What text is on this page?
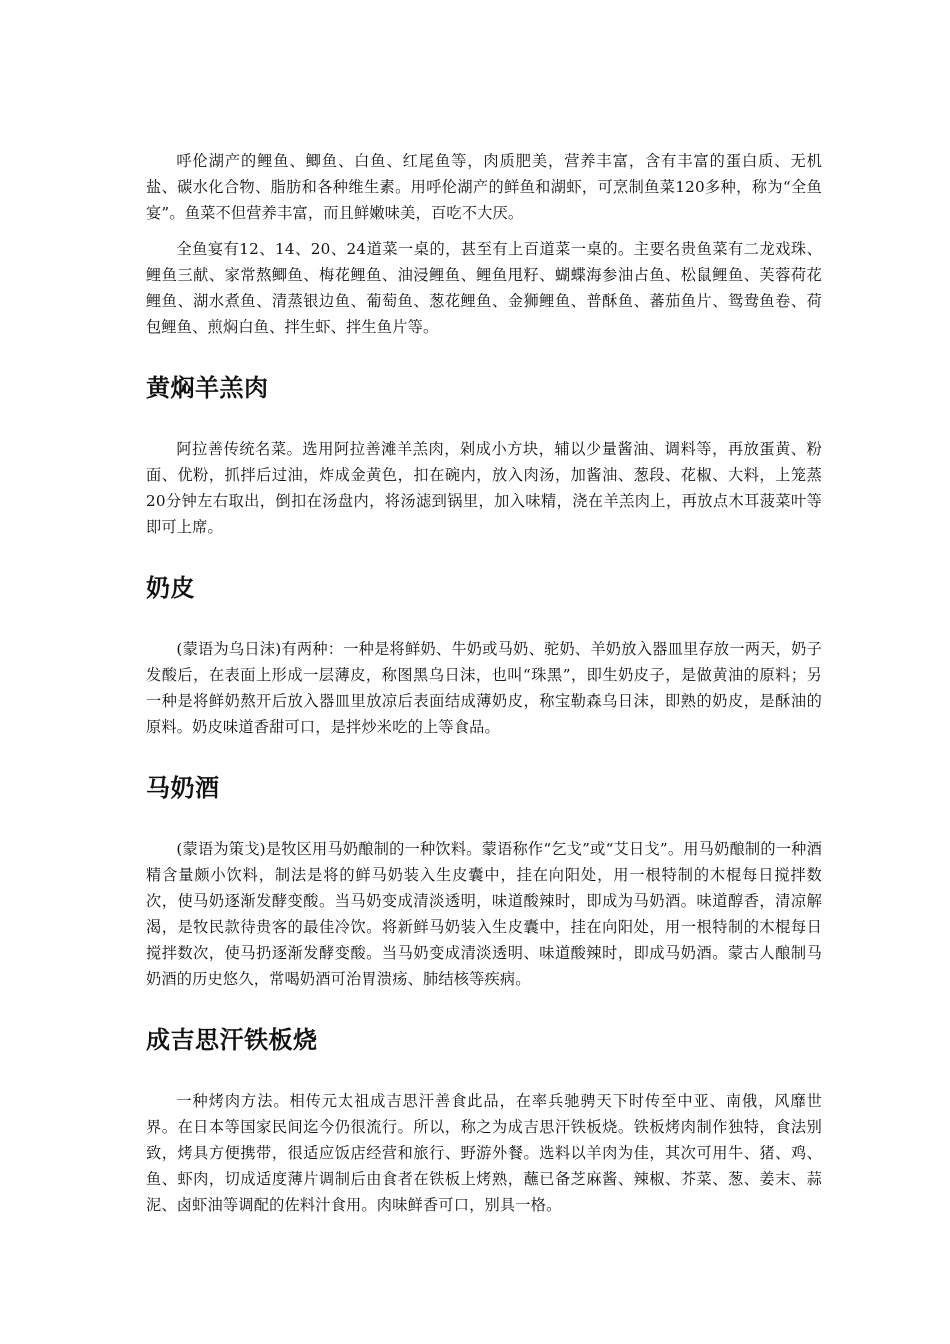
呼伦湖产的鲤鱼、鲫鱼、白鱼、红尾鱼等，肉质肥美，营养丰富，含有丰富的蛋白质、无机盐、碳水化合物、脂肪和各种维生素。用呼伦湖产的鲜鱼和湖虾，可烹制鱼菜120多种，称为“全鱼宴”。鱼菜不但营养丰富，而且鲜嫩味美，百吃不大厌。

全鱼宴有12、14、20、24道菜一桌的，甚至有上百道菜一桌的。主要名贵鱼菜有二龙戏珠、鲤鱼三献、家常熬鲫鱼、梅花鲤鱼、油浸鲤鱼、鲤鱼甩籽、蝴蝶海参油占鱼、松鼠鲤鱼、芙蓉荷花鲤鱼、湖水煮鱼、清蒸银边鱼、葡萄鱼、葱花鲤鱼、金狮鲤鱼、普酥鱼、蕃茄鱼片、鸳鸯鱼卷、荷包鲤鱼、煎焖白鱼、拌生虾、拌生鱼片等。

黄焖羊羔肉

阿拉善传统名菜。选用阿拉善滩羊羔肉，剁成小方块，辅以少量酱油、调料等，再放蛋黄、粉面、优粉，抓拌后过油，炸成金黄色，扣在碗内，放入肉汤，加酱油、葱段、花椒、大料，上笼蒸20分钟左右取出，倒扣在汤盘内，将汤滤到锅里，加入味精，浇在羊羔肉上，再放点木耳菠菜叶等即可上席。

奶皮

(蒙语为乌日沫)有两种：一种是将鲜奶、牛奶或马奶、驼奶、羊奶放入器皿里存放一两天，奶子发酸后，在表面上形成一层薄皮，称图黑乌日沫，也叫“珠黑”，即生奶皮子，是做黄油的原料；另一种是将鲜奶熬开后放入器皿里放凉后表面结成薄奶皮，称宝勒森乌日沫，即熟的奶皮，是酥油的原料。奶皮味道香甜可口，是拌炒米吃的上等食品。

马奶酒

(蒙语为策戈)是牧区用马奶酿制的一种饮料。蒙语称作“乞戈”或“艾日戈”。用马奶酿制的一种酒精含量颇小饮料，制法是将的鲜马奶装入生皮囊中，挂在向阳处，用一根特制的木棍每日搅拌数次，使马奶逐渐发酵变酸。当马奶变成清淡透明，味道酸辣时，即成为马奶酒。味道醇香，清凉解渴，是牧民款待贵客的最佳冷饮。将新鲜马奶装入生皮囊中，挂在向阳处，用一根特制的木棍每日搅拌数次，使马扔逐渐发酵变酸。当马奶变成清淡透明、味道酸辣时，即成马奶酒。蒙古人酿制马奶酒的历史悠久，常喝奶酒可治胃溃疡、肺结核等疾病。

成吉思汗铁板烧

一种烤肉方法。相传元太祖成吉思汗善食此品，在率兵驰骋天下时传至中亚、南俄，风靡世界。在日本等国家民间迄今仍很流行。所以，称之为成吉思汗铁板烧。铁板烤肉制作独特，食法别致，烤具方便携带，很适应饭店经营和旅行、野游外餐。选料以羊肉为佳，其次可用牛、猪、鸡、鱼、虾肉，切成适度薄片调制后由食者在铁板上烤熟，蘸已备芝麻酱、辣椒、芥菜、葱、姜末、蒜泥、卤虾油等调配的佐料汁食用。肉味鲜香可口，别具一格。
